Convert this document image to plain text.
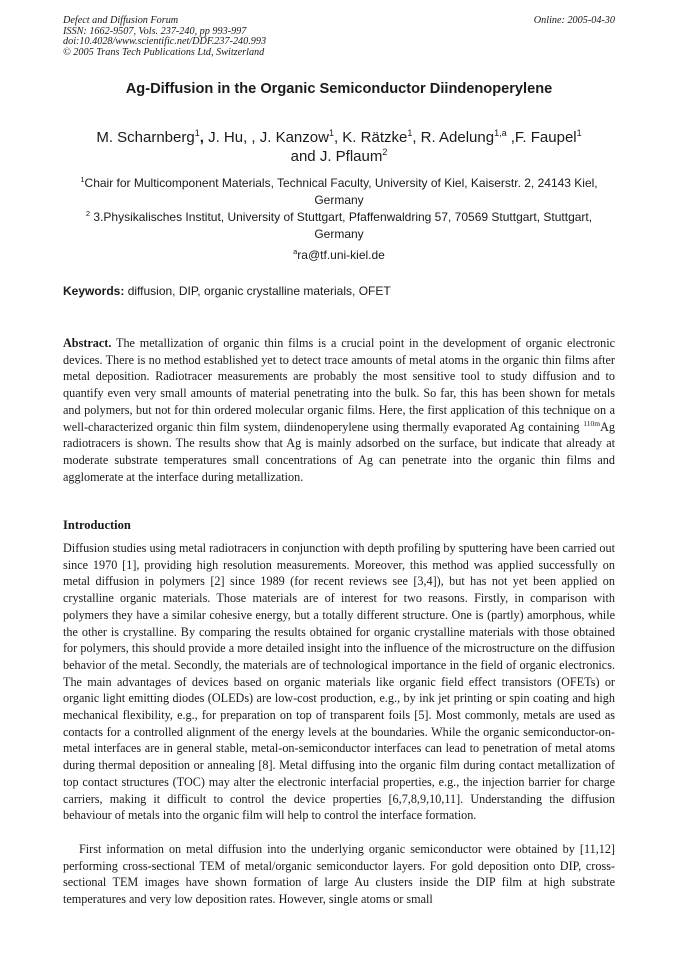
Defect and Diffusion Forum
ISSN: 1662-9507, Vols. 237-240, pp 993-997
doi:10.4028/www.scientific.net/DDF.237-240.993
© 2005 Trans Tech Publications Ltd, Switzerland
Online: 2005-04-30
Ag-Diffusion in the Organic Semiconductor Diindenoperylene
M. Scharnberg$^1$, J. Hu, , J. Kanzow$^1$, K. Rätzke$^1$, R. Adelung$^{1,a}$ ,F. Faupel$^1$
and J. Pflaum$^2$
$^1$Chair for Multicomponent Materials, Technical Faculty, University of Kiel, Kaiserstr. 2, 24143 Kiel, Germany
$^2$ 3.Physikalisches Institut, University of Stuttgart, Pfaffenwaldring 57, 70569 Stuttgart, Stuttgart, Germany
$^a$ra@tf.uni-kiel.de
Keywords: diffusion, DIP, organic crystalline materials, OFET
Abstract. The metallization of organic thin films is a crucial point in the development of organic electronic devices. There is no method established yet to detect trace amounts of metal atoms in the organic thin films after metal deposition. Radiotracer measurements are probably the most sensitive tool to study diffusion and to quantify even very small amounts of material penetrating into the bulk. So far, this has been shown for metals and polymers, but not for thin ordered molecular organic films. Here, the first application of this technique on a well-characterized organic thin film system, diindenoperylene using thermally evaporated Ag containing $^{110m}$Ag radiotracers is shown. The results show that Ag is mainly adsorbed on the surface, but indicate that already at moderate substrate temperatures small concentrations of Ag can penetrate into the organic thin films and agglomerate at the interface during metallization.
Introduction
Diffusion studies using metal radiotracers in conjunction with depth profiling by sputtering have been carried out since 1970 [1], providing high resolution measurements. Moreover, this method was applied successfully on metal diffusion in polymers [2] since 1989 (for recent reviews see [3,4]), but has not yet been applied on crystalline organic materials. Those materials are of interest for two reasons. Firstly, in comparison with polymers they have a similar cohesive energy, but a totally different structure. One is (partly) amorphous, while the other is crystalline. By comparing the results obtained for organic crystalline materials with those obtained for polymers, this should provide a more detailed insight into the influence of the microstructure on the diffusion behavior of the metal. Secondly, the materials are of technological importance in the field of organic electronics. The main advantages of devices based on organic materials like organic field effect transistors (OFETs) or organic light emitting diodes (OLEDs) are low-cost production, e.g., by ink jet printing or spin coating and high mechanical flexibility, e.g., for preparation on top of transparent foils [5]. Most commonly, metals are used as contacts for a controlled alignment of the energy levels at the boundaries. While the organic semiconductor-on-metal interfaces are in general stable, metal-on-semiconductor interfaces can lead to penetration of metal atoms during thermal deposition or annealing [8]. Metal diffusing into the organic film during contact metallization of top contact structures (TOC) may alter the electronic interfacial properties, e.g., the injection barrier for charge carriers, making it difficult to control the device properties [6,7,8,9,10,11]. Understanding the diffusion behaviour of metals into the organic film will help to control the interface formation.
First information on metal diffusion into the underlying organic semiconductor were obtained by [11,12] performing cross-sectional TEM of metal/organic semiconductor layers. For gold deposition onto DIP, cross-sectional TEM images have shown formation of large Au clusters inside the DIP film at high substrate temperatures and very low deposition rates. However, single atoms or small
